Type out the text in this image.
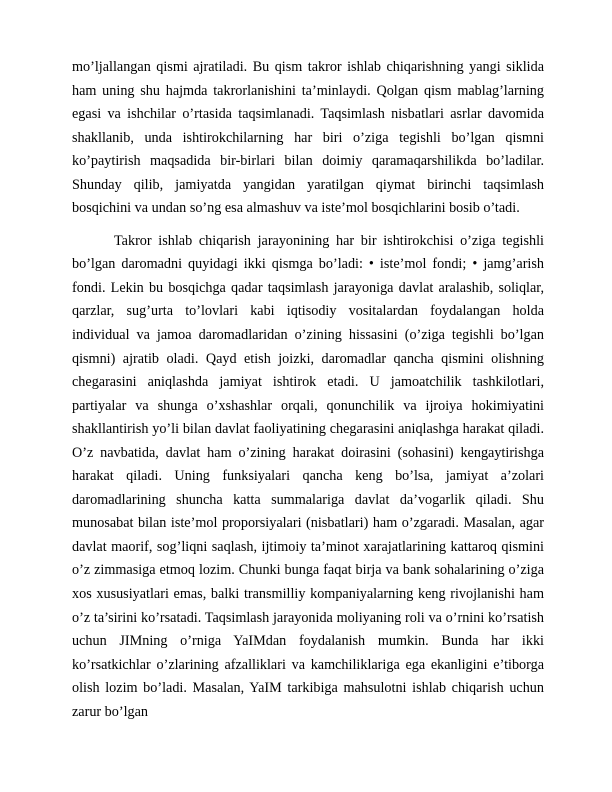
mo’ljallangan qismi ajratiladi. Bu qism takror ishlab chiqarishning yangi siklida ham uning shu hajmda takrorlanishini ta’minlaydi. Qolgan qism mablag’larning egasi va ishchilar o’rtasida taqsimlanadi. Taqsimlash nisbatlari asrlar davomida shakllanib, unda ishtirokchilarning har biri o’ziga tegishli bo’lgan qismni ko’paytirish maqsadida bir-birlari bilan doimiy qaramaqarshilikda bo’ladilar. Shunday qilib, jamiyatda yangidan yaratilgan qiymat birinchi taqsimlash bosqichini va undan so’ng esa almashuv va iste’mol bosqichlarini bosib o’tadi.

Takror ishlab chiqarish jarayonining har bir ishtirokchisi o’ziga tegishli bo’lgan daromadni quyidagi ikki qismga bo’ladi: • iste’mol fondi; • jamg’arish fondi. Lekin bu bosqichga qadar taqsimlash jarayoniga davlat aralashib, soliqlar, qarzlar, sug’urta to’lovlari kabi iqtisodiy vositalardan foydalangan holda individual va jamoa daromadlaridan o’zining hissasini (o’ziga tegishli bo’lgan qismni) ajratib oladi. Qayd etish joizki, daromadlar qancha qismini olishning chegarasini aniqlashda jamiyat ishtirok etadi. U jamoatchilik tashkilotlari, partiyalar va shunga o’xshashlar orqali, qonunchilik va ijroiya hokimiyatini shakllantirish yo’li bilan davlat faoliyatining chegarasini aniqlashga harakat qiladi. O’z navbatida, davlat ham o’zining harakat doirasini (sohasini) kengaytirishga harakat qiladi. Uning funksiyalari qancha keng bo’lsa, jamiyat a’zolari daromadlarining shuncha katta summalariga davlat da’vogarlik qiladi. Shu munosabat bilan iste’mol proporsiyalari (nisbatlari) ham o’zgaradi. Masalan, agar davlat maorif, sog’liqni saqlash, ijtimoiy ta’minot xarajatlarining kattaroq qismini o’z zimmasiga etmoq lozim. Chunki bunga faqat birja va bank sohalarining o’ziga xos xususiyatlari emas, balki transmilliy kompaniyalarning keng rivojlanishi ham o’z ta’sirini ko’rsatadi. Taqsimlash jarayonida moliyaning roli va o’rnini ko’rsatish uchun JIMning o’rniga YaIMdan foydalanish mumkin. Bunda har ikki ko’rsatkichlar o’zlarining afzalliklari va kamchiliklariga ega ekanligini e’tiborga olish lozim bo’ladi. Masalan, YaIM tarkibiga mahsulotni ishlab chiqarish uchun zarur bo’lgan
